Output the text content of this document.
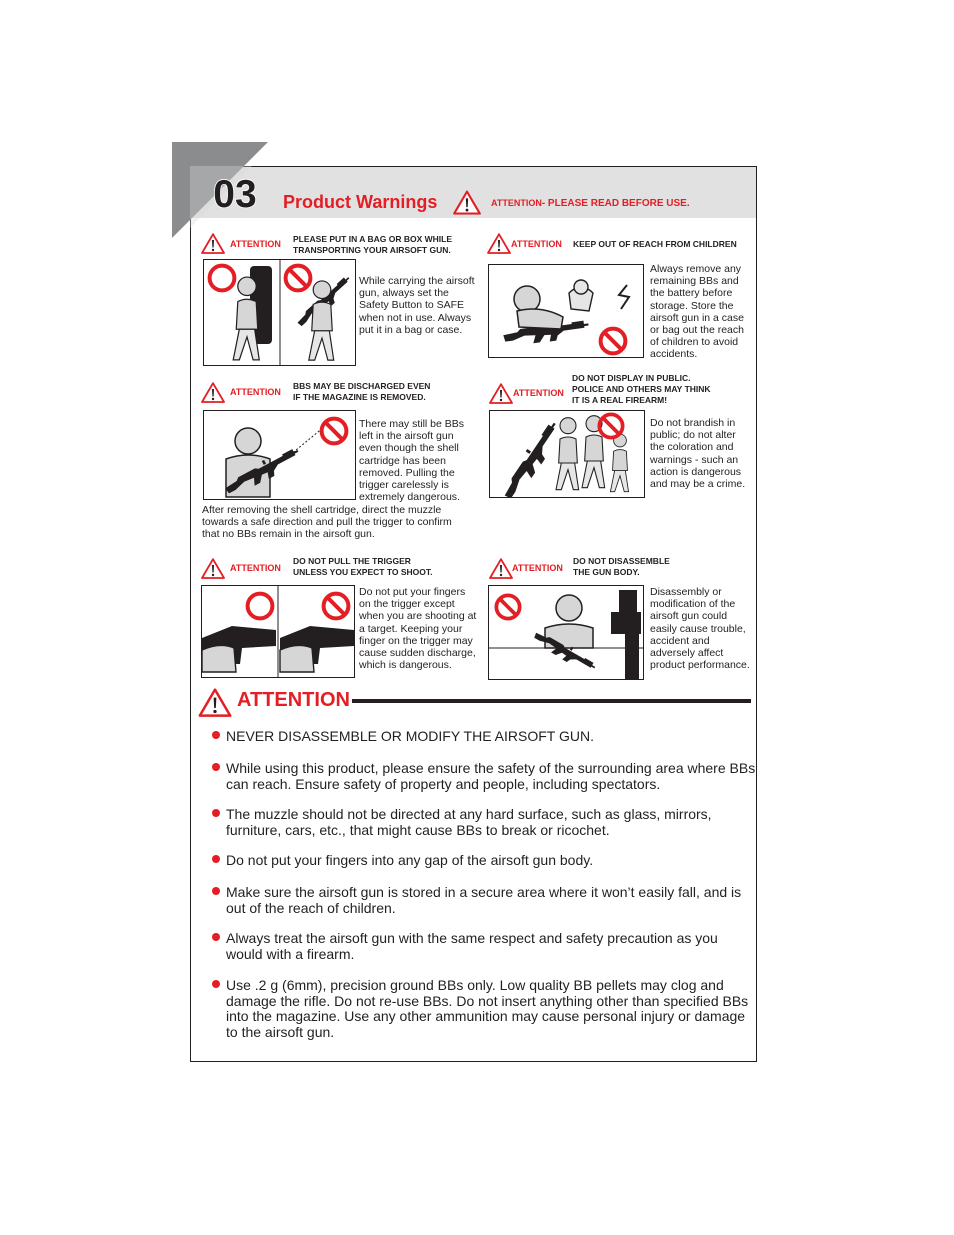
03 Product Warnings	ATTENTION- PLEASE READ BEFORE USE.
ATTENTION PLEASE PUT IN A BAG OR BOX WHILE
TRANSPORTING YOUR AIRSOFT GUN.
While carrying the airsoft
gun, always set the
Safety Button to SAFE
when not in use. Always
put it in a bag or case.
ATTENTION KEEP OUT OF REACH FROM CHILDREN
Always remove any
remaining BBs and
the battery before
storage. Store the
airsoft gun in a case
or bag out the reach
of children to avoid
accidents.
ATTENTION
BBS MAY BE DISCHARGED EVEN
IF THE MAGAZINE IS REMOVED.
There may still be BBs
left in the airsoft gun
even though the shell
cartridge has been
removed. Pulling the
trigger carelessly is
extremely dangerous.
After removing the shell cartridge, direct the muzzle
towards a safe direction and pull the trigger to confirm
that no BBs remain in the airsoft gun.
ATTENTION
DO NOT DISPLAY IN PUBLIC.
POLICE AND OTHERS MAY THINK
IT IS A REAL FIREARM!
Do not brandish in
public; do not alter
the coloration and
warnings - such an
action is dangerous
and may be a crime.
ATTENTION
DO NOT PULL THE TRIGGER
UNLESS YOU EXPECT TO SHOOT.
Do not put your fingers
on the trigger except
when you are shooting at
a target. Keeping your
finger on the trigger may
cause sudden discharge,
which is dangerous.
ATTENTION
DO NOT DISASSEMBLE
THE GUN BODY.
Disassembly or
modification of the
airsoft gun could
easily cause trouble,
accident and
adversely affect
product performance.
ATTENTION
NEVER DISASSEMBLE OR MODIFY THE AIRSOFT GUN.
While using this product, please ensure the safety of the surrounding area where BBs
can reach. Ensure safety of property and people, including spectators.
The muzzle should not be directed at any hard surface, such as glass, mirrors,
furniture, cars, etc., that might cause BBs to break or ricochet.
Do not put your fingers into any gap of the airsoft gun body.
Make sure the airsoft gun is stored in a secure area where it won’t easily fall, and is
out of the reach of children.
Always treat the airsoft gun with the same respect and safety precaution as you
would with a firearm.
Use .2 g (6mm), precision ground BBs only. Low quality BB pellets may clog and
damage the rifle. Do not re-use BBs. Do not insert anything other than specified BBs
into the magazine. Use any other ammunition may cause personal injury or damage
to the airsoft gun.
